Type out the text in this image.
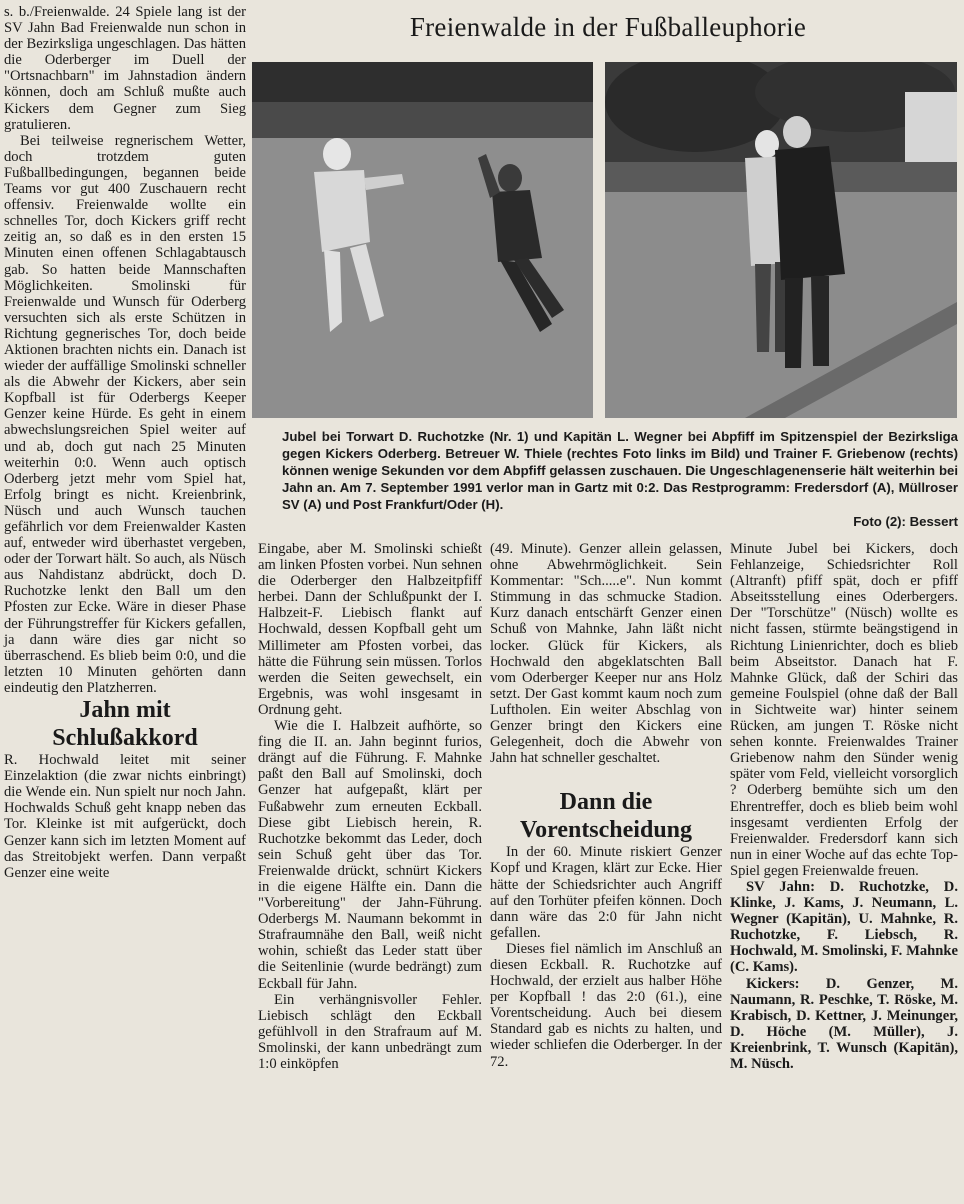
s. b./Freienwalde. 24 Spiele lang ist der SV Jahn Bad Freienwalde nun schon in der Bezirksliga ungeschlagen. Das hätten die Oderberger im Duell der "Ortsnachbarn" im Jahnstadion ändern können, doch am Schluß mußte auch Kickers dem Gegner zum Sieg gratulieren.

Bei teilweise regnerischem Wetter, doch trotzdem guten Fußballbedingungen, begannen beide Teams vor gut 400 Zuschauern recht offensiv. Freienwalde wollte ein schnelles Tor, doch Kickers griff recht zeitig an, so daß es in den ersten 15 Minuten einen offenen Schlagabtausch gab. So hatten beide Mannschaften Möglichkeiten. Smolinski für Freienwalde und Wunsch für Oderberg versuchten sich als erste Schützen in Richtung gegnerisches Tor, doch beide Aktionen brachten nichts ein. Danach ist wieder der auffällige Smolinski schneller als die Abwehr der Kickers, aber sein Kopfball ist für Oderbergs Keeper Genzer keine Hürde. Es geht in einem abwechslungsreichen Spiel weiter auf und ab, doch gut nach 25 Minuten weiterhin 0:0. Wenn auch optisch Oderberg jetzt mehr vom Spiel hat, Erfolg bringt es nicht. Kreienbrink, Nüsch und auch Wunsch tauchen gefährlich vor dem Freienwalder Kasten auf, entweder wird überhastet vergeben, oder der Torwart hält. So auch, als Nüsch aus Nahdistanz abdrückt, doch D. Ruchotzke lenkt den Ball um den Pfosten zur Ecke. Wäre in dieser Phase der Führungstreffer für Kickers gefallen, ja dann wäre dies gar nicht so überraschend. Es blieb beim 0:0, und die letzten 10 Minuten gehörten dann eindeutig den Platzherren.

Jahn mit Schlußakkord

R. Hochwald leitet mit seiner Einzelaktion (die zwar nichts einbringt) die Wende ein. Nun spielt nur noch Jahn. Hochwalds Schuß geht knapp neben das Tor. Kleinke ist mit aufgerückt, doch Genzer kann sich im letzten Moment auf das Streitobjekt werfen. Dann verpaßt Genzer eine weite

Freienwalde in der Fußballeuphorie
Jubel bei Torwart D. Ruchotzke (Nr. 1) und Kapitän L. Wegner bei Abpfiff im Spitzenspiel der Bezirksliga gegen Kickers Oderberg. Betreuer W. Thiele (rechtes Foto links im Bild) und Trainer F. Griebenow (rechts) können wenige Sekunden vor dem Abpfiff gelassen zuschauen. Die Ungeschlagenenserie hält weiterhin bei Jahn an. Am 7. September 1991 verlor man in Gartz mit 0:2. Das Restprogramm: Fredersdorf (A), Müllroser SV (A) und Post Frankfurt/Oder (H).
Foto (2): Bessert

Eingabe, aber M. Smolinski schießt am linken Pfosten vorbei. Nun sehnen die Oderberger den Halbzeitpfiff herbei. Dann der Schlußpunkt der I. Halbzeit-F. Liebisch flankt auf Hochwald, dessen Kopfball geht um Millimeter am Pfosten vorbei, das hätte die Führung sein müssen. Torlos werden die Seiten gewechselt, ein Ergebnis, was wohl insgesamt in Ordnung geht.

Wie die I. Halbzeit aufhörte, so fing die II. an. Jahn beginnt furios, drängt auf die Führung. F. Mahnke paßt den Ball auf Smolinski, doch Genzer hat aufgepaßt, klärt per Fußabwehr zum erneuten Eckball. Diese gibt Liebisch herein, R. Ruchotzke bekommt das Leder, doch sein Schuß geht über das Tor. Freienwalde drückt, schnürt Kickers in die eigene Hälfte ein. Dann die "Vorbereitung" der Jahn-Führung. Oderbergs M. Naumann bekommt in Strafraumnähe den Ball, weiß nicht wohin, schießt das Leder statt über die Seitenlinie (wurde bedrängt) zum Eckball für Jahn.

Ein verhängnisvoller Fehler. Liebisch schlägt den Eckball gefühlvoll in den Strafraum auf M. Smolinski, der kann unbedrängt zum 1:0 einköpfen

(49. Minute). Genzer allein gelassen, ohne Abwehrmöglichkeit. Sein Kommentar: "Sch.....e". Nun kommt Stimmung in das schmucke Stadion. Kurz danach entschärft Genzer einen Schuß von Mahnke, Jahn läßt nicht locker. Glück für Kickers, als Hochwald den abgeklatschten Ball vom Oderberger Keeper nur ans Holz setzt. Der Gast kommt kaum noch zum Luftholen. Ein weiter Abschlag von Genzer bringt den Kickers eine Gelegenheit, doch die Abwehr von Jahn hat schneller geschaltet.

Dann die Vorentscheidung

In der 60. Minute riskiert Genzer Kopf und Kragen, klärt zur Ecke. Hier hätte der Schiedsrichter auch Angriff auf den Torhüter pfeifen können. Doch dann wäre das 2:0 für Jahn nicht gefallen.

Dieses fiel nämlich im Anschluß an diesen Eckball. R. Ruchotzke auf Hochwald, der erzielt aus halber Höhe per Kopfball ! das 2:0 (61.), eine Vorentscheidung. Auch bei diesem Standard gab es nichts zu halten, und wieder schliefen die Oderberger. In der 72.

Minute Jubel bei Kickers, doch Fehlanzeige, Schiedsrichter Roll (Altranft) pfiff spät, doch er pfiff Abseitsstellung eines Oderbergers. Der "Torschütze" (Nüsch) wollte es nicht fassen, stürmte beängstigend in Richtung Linienrichter, doch es blieb beim Abseitstor. Danach hat F. Mahnke Glück, daß der Schiri das gemeine Foulspiel (ohne daß der Ball in Sichtweite war) hinter seinem Rücken, am jungen T. Röske nicht sehen konnte. Freienwaldes Trainer Griebenow nahm den Sünder wenig später vom Feld, vielleicht vorsorglich ? Oderberg bemühte sich um den Ehrentreffer, doch es blieb beim wohl insgesamt verdienten Erfolg der Freienwalder. Fredersdorf kann sich nun in einer Woche auf das echte Top-Spiel gegen Freienwalde freuen.

SV Jahn: D. Ruchotzke, D. Klinke, J. Kams, J. Neumann, L. Wegner (Kapitän), U. Mahnke, R. Ruchotzke, F. Liebsch, R. Hochwald, M. Smolinski, F. Mahnke (C. Kams).

Kickers: D. Genzer, M. Naumann, R. Peschke, T. Röske, M. Krabisch, D. Kettner, J. Meinunger, D. Höche (M. Müller), J. Kreienbrink, T. Wunsch (Kapitän), M. Nüsch.
